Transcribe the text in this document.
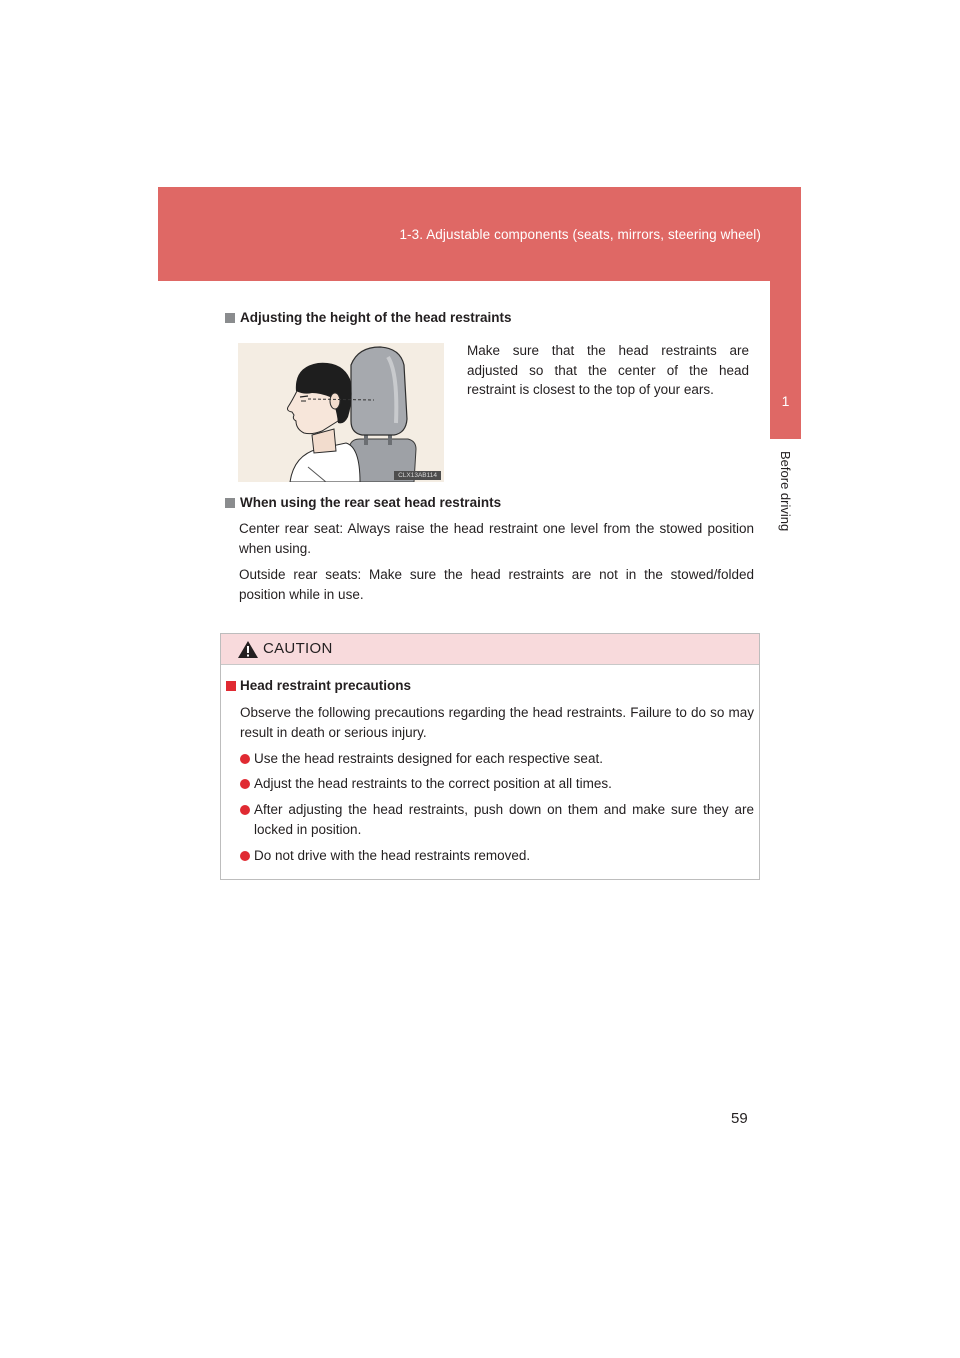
1-3. Adjustable components (seats, mirrors, steering wheel)
1
Before driving
Adjusting the height of the head restraints
CLX13AB114
Make sure that the head restraints are adjusted so that the center of the head restraint is closest to the top of your ears.
When using the rear seat head restraints
Center rear seat: Always raise the head restraint one level from the stowed position when using.
Outside rear seats: Make sure the head restraints are not in the stowed/folded position while in use.
CAUTION
Head restraint precautions
Observe the following precautions regarding the head restraints. Failure to do so may result in death or serious injury.
Use the head restraints designed for each respective seat.
Adjust the head restraints to the correct position at all times.
After adjusting the head restraints, push down on them and make sure they are locked in position.
Do not drive with the head restraints removed.
59
